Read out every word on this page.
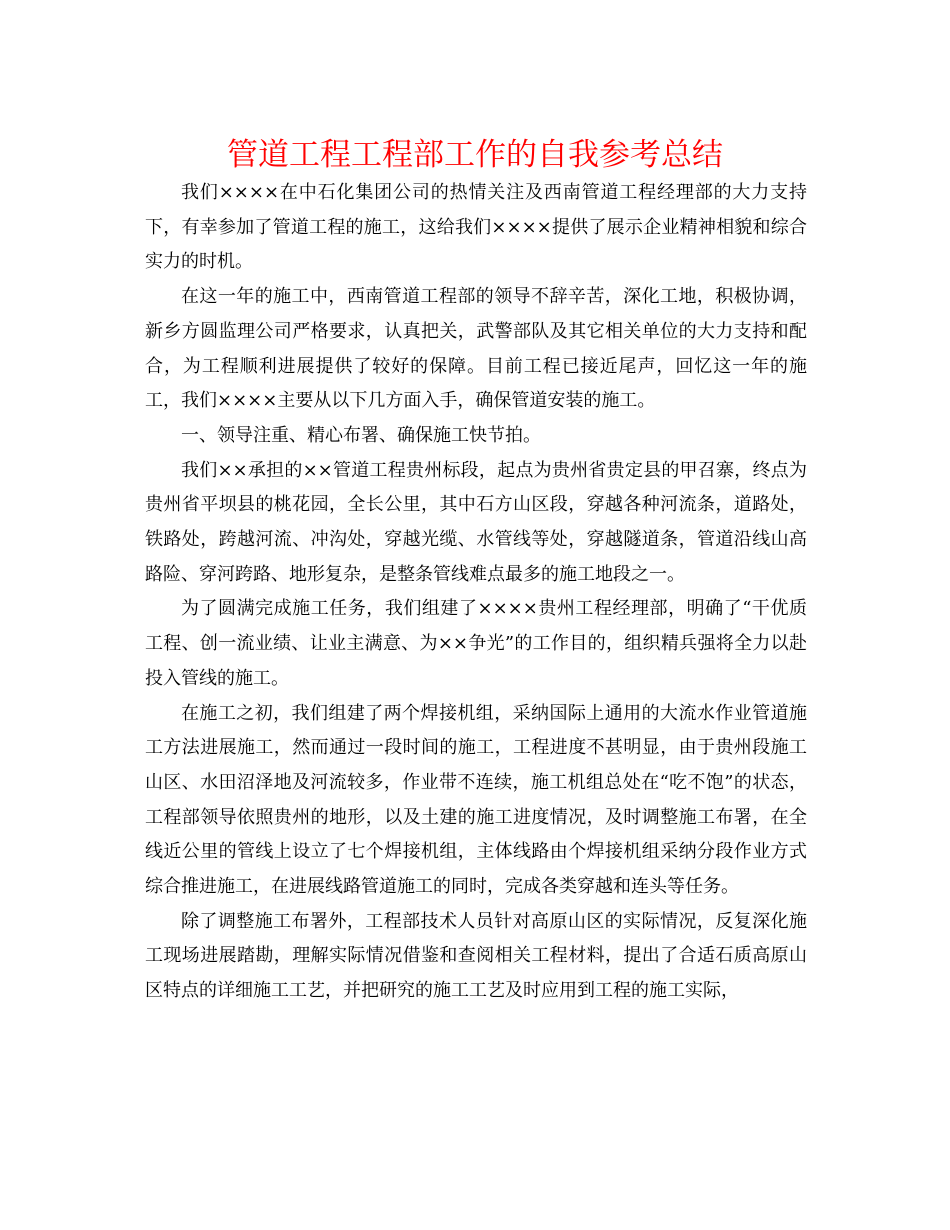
管道工程工程部工作的自我参考总结

我们××××在中石化集团公司的热情关注及西南管道工程经理部的大力支持下，有幸参加了管道工程的施工，这给我们××××提供了展示企业精神相貌和综合实力的时机。

在这一年的施工中，西南管道工程部的领导不辞辛苦，深化工地，积极协调，新乡方圆监理公司严格要求，认真把关，武警部队及其它相关单位的大力支持和配合，为工程顺利进展提供了较好的保障。目前工程已接近尾声，回忆这一年的施工，我们××××主要从以下几方面入手，确保管道安装的施工。

一、领导注重、精心布署、确保施工快节拍。

我们××承担的××管道工程贵州标段，起点为贵州省贵定县的甲召寨，终点为贵州省平坝县的桃花园，全长公里，其中石方山区段，穿越各种河流条，道路处，铁路处，跨越河流、冲沟处，穿越光缆、水管线等处，穿越隧道条，管道沿线山高路险、穿河跨路、地形复杂，是整条管线难点最多的施工地段之一。

为了圆满完成施工任务，我们组建了××××贵州工程经理部，明确了“干优质工程、创一流业绩、让业主满意、为××争光”的工作目的，组织精兵强将全力以赴投入管线的施工。

在施工之初，我们组建了两个焊接机组，采纳国际上通用的大流水作业管道施工方法进展施工，然而通过一段时间的施工，工程进度不甚明显，由于贵州段施工山区、水田沼泽地及河流较多，作业带不连续，施工机组总处在“吃不饱”的状态，工程部领导依照贵州的地形，以及土建的施工进度情况，及时调整施工布署，在全线近公里的管线上设立了七个焊接机组，主体线路由个焊接机组采纳分段作业方式综合推进施工，在进展线路管道施工的同时，完成各类穿越和连头等任务。

除了调整施工布署外，工程部技术人员针对高原山区的实际情况，反复深化施工现场进展踏勘，理解实际情况借鉴和查阅相关工程材料，提出了合适石质高原山区特点的详细施工工艺，并把研究的施工工艺及时应用到工程的施工实际，
